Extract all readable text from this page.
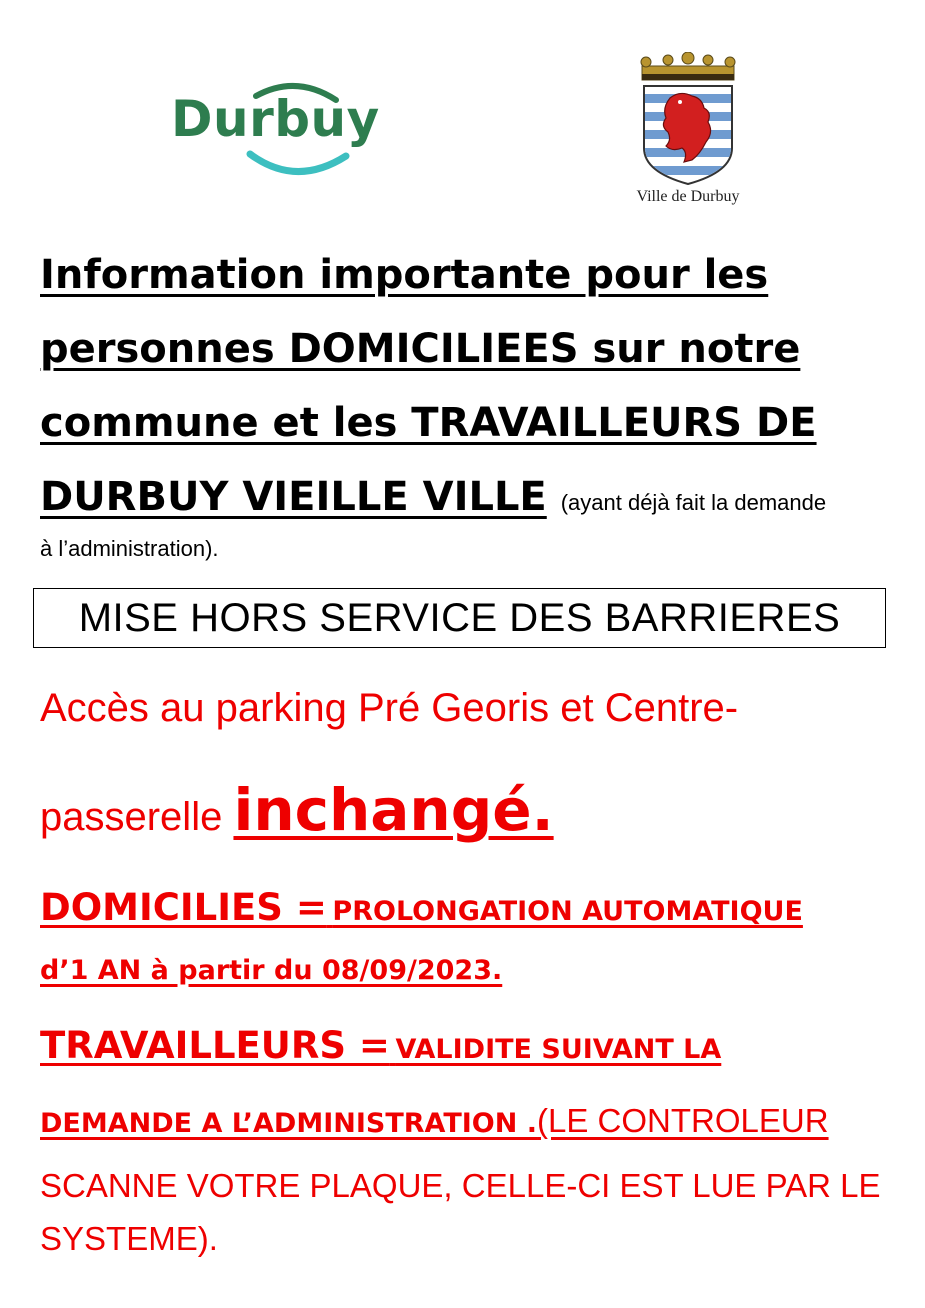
Durbuy
Ville de Durbuy
Information importante pour les
personnes DOMICILIEES sur notre
commune et les TRAVAILLEURS DE
DURBUY VIEILLE VILLE (ayant déjà fait la demande
à l’administration).
MISE HORS SERVICE DES BARRIERES
Accès au parking Pré Georis et Centre-
passerelle inchangé.
DOMICILIES = PROLONGATION AUTOMATIQUE
d’1 AN à partir du 08/09/2023.
TRAVAILLEURS = VALIDITE SUIVANT LA
DEMANDE A L’ADMINISTRATION .(LE CONTROLEUR
SCANNE VOTRE PLAQUE, CELLE-CI EST LUE PAR LE
SYSTEME).
